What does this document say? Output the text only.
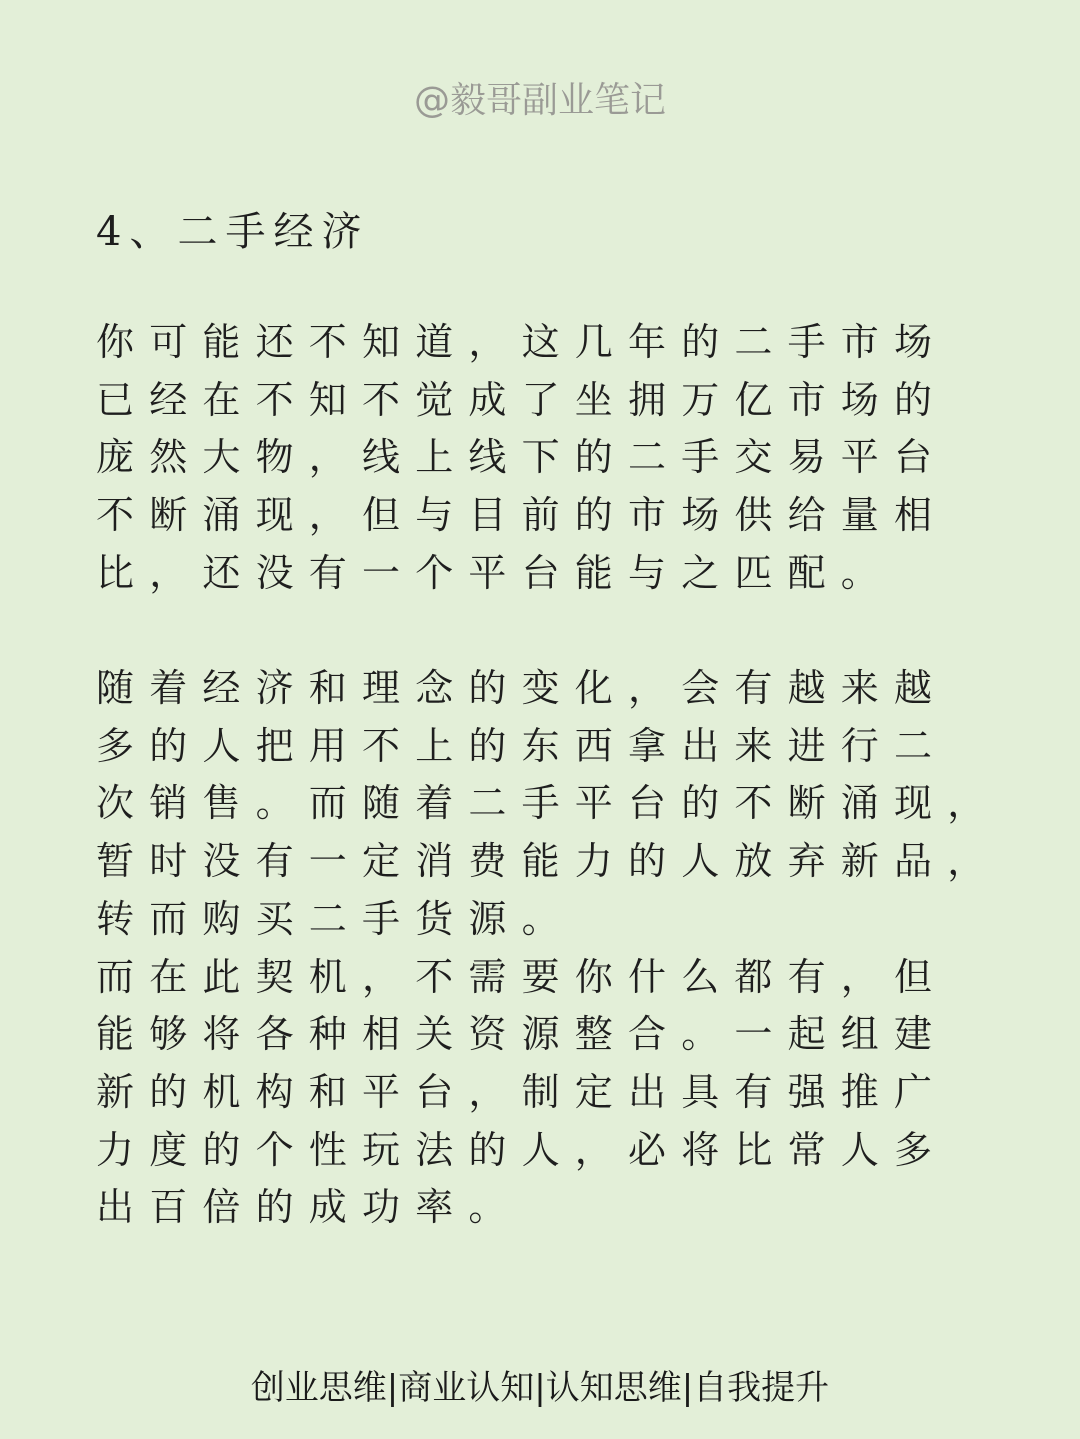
@毅哥副业笔记
4、二手经济
你可能还不知道，这几年的二手市场
已经在不知不觉成了坐拥万亿市场的
庞然大物，线上线下的二手交易平台
不断涌现，但与目前的市场供给量相
比，还没有一个平台能与之匹配。
随着经济和理念的变化，会有越来越
多的人把用不上的东西拿出来进行二
次销售。而随着二手平台的不断涌现，
暂时没有一定消费能力的人放弃新品，
转而购买二手货源。
而在此契机，不需要你什么都有，但
能够将各种相关资源整合。一起组建
新的机构和平台，制定出具有强推广
力度的个性玩法的人，必将比常人多
出百倍的成功率。
创业思维|商业认知|认知思维|自我提升
